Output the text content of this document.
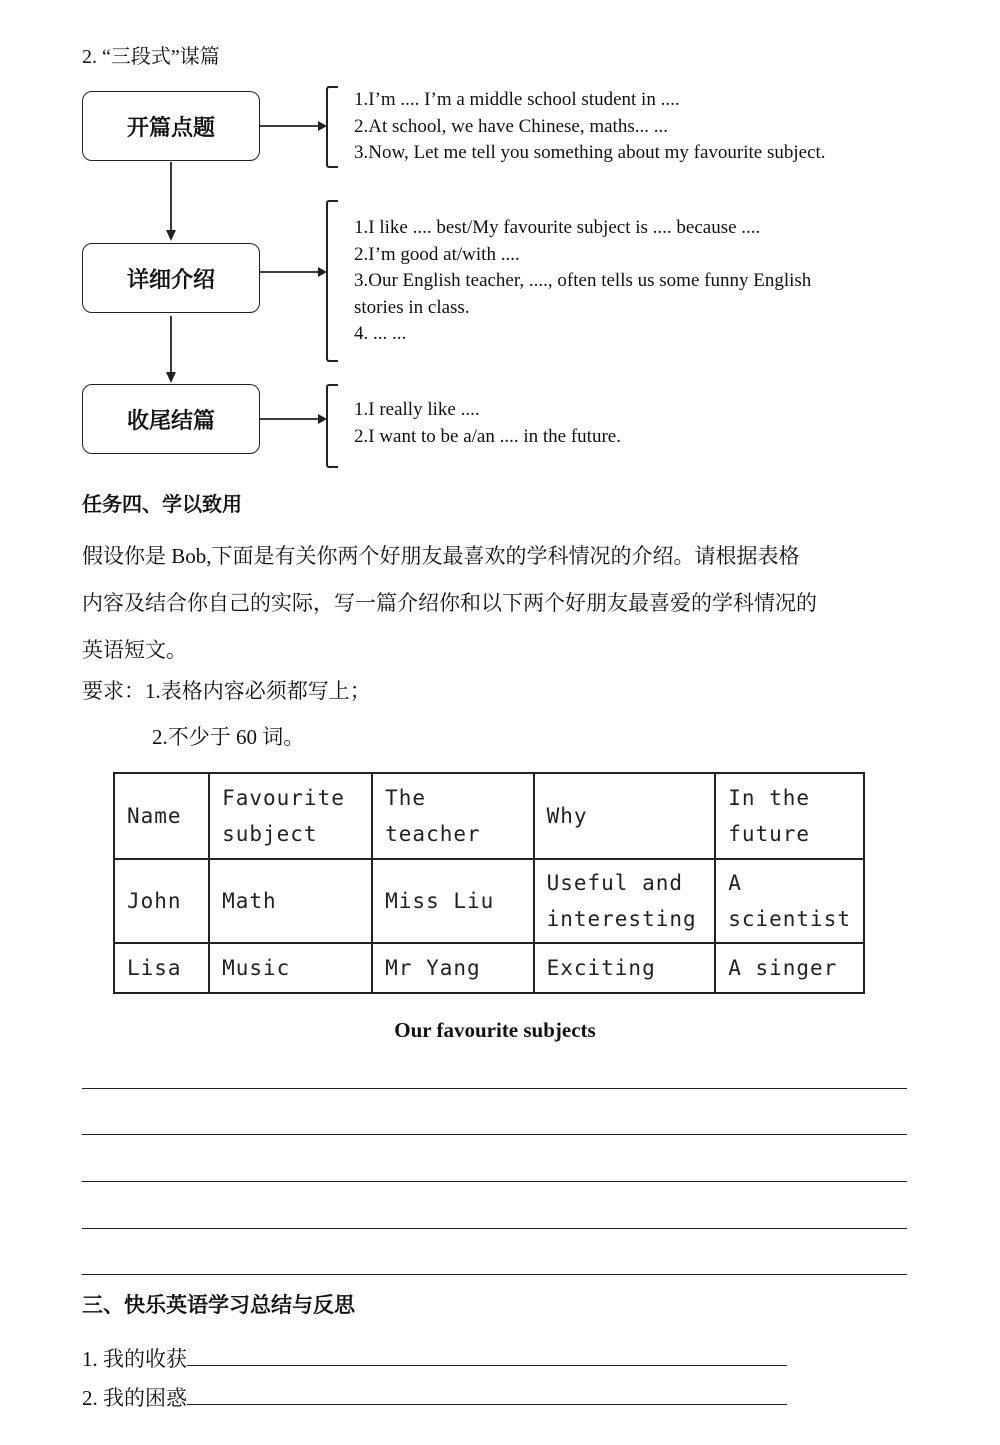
2. “三段式”谋篇
开篇点题
1.I’m .... I’m a middle school student in ....
2.At school, we have Chinese, maths... ...
3.Now, Let me tell you something about my favourite subject.
详细介绍
1.I like .... best/My favourite subject is .... because ....
2.I’m good at/with ....
3.Our English teacher, ...., often tells us some funny English
stories in class.
4. ... ...
收尾结篇	1.I really like ....
2.I want to be a/an .... in the future.
任务四、学以致用
假设你是 Bob,下面是有关你两个好朋友最喜欢的学科情况的介绍。请根据表格
内容及结合你自己的实际，写一篇介绍你和以下两个好朋友最喜爱的学科情况的
英语短文。
要求：1.表格内容必须都写上；
2.不少于 60 词。
Name	Favourite subject	The teacher	Why	In the future
John	Math	Miss Liu	Useful and interesting	A scientist
Lisa	Music	Mr Yang	Exciting	A singer
Our favourite subjects
三、快乐英语学习总结与反思
1. 我的收获
2. 我的困惑
